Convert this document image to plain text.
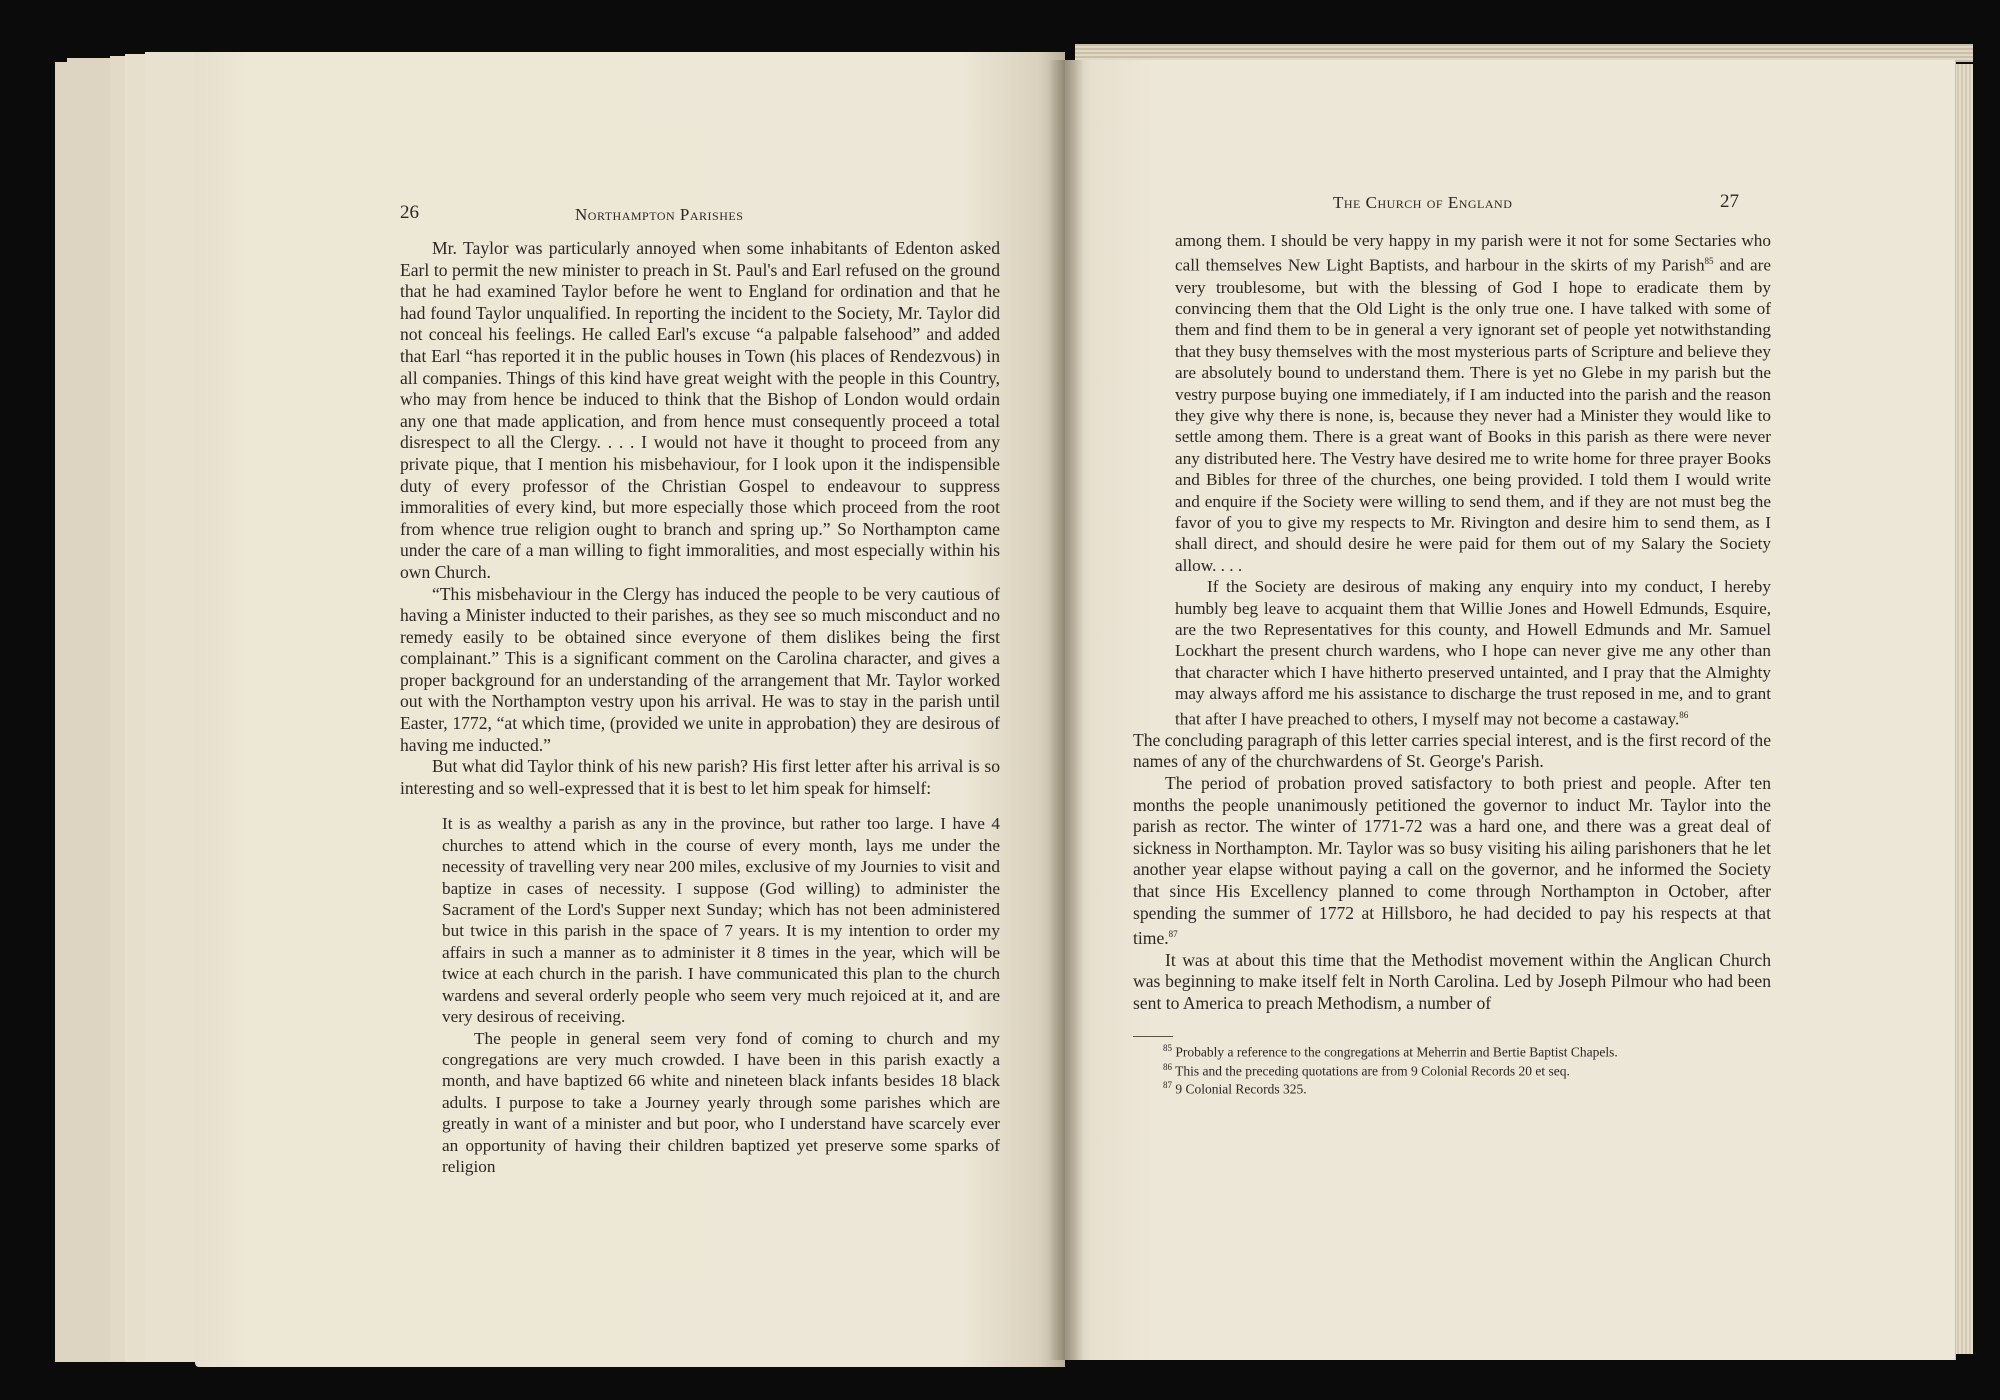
26	Northampton Parishes

Mr. Taylor was particularly annoyed when some inhabitants of Edenton asked Earl to permit the new minister to preach in St. Paul's and Earl refused on the ground that he had examined Taylor before he went to England for ordination and that he had found Taylor unqualified. In reporting the incident to the Society, Mr. Taylor did not conceal his feelings. He called Earl's excuse “a palpable falsehood” and added that Earl “has reported it in the public houses in Town (his places of Rendezvous) in all companies. Things of this kind have great weight with the people in this Country, who may from hence be induced to think that the Bishop of London would ordain any one that made application, and from hence must consequently proceed a total disrespect to all the Clergy. . . . I would not have it thought to proceed from any private pique, that I mention his misbehaviour, for I look upon it the indispensible duty of every professor of the Christian Gospel to endeavour to suppress immoralities of every kind, but more especially those which proceed from the root from whence true religion ought to branch and spring up.” So Northampton came under the care of a man willing to fight immoralities, and most especially within his own Church.

“This misbehaviour in the Clergy has induced the people to be very cautious of having a Minister inducted to their parishes, as they see so much misconduct and no remedy easily to be obtained since everyone of them dislikes being the first complainant.” This is a significant comment on the Carolina character, and gives a proper background for an understanding of the arrangement that Mr. Taylor worked out with the Northampton vestry upon his arrival. He was to stay in the parish until Easter, 1772, “at which time, (provided we unite in approbation) they are desirous of having me inducted.”

But what did Taylor think of his new parish? His first letter after his arrival is so interesting and so well-expressed that it is best to let him speak for himself:

It is as wealthy a parish as any in the province, but rather too large. I have 4 churches to attend which in the course of every month, lays me under the necessity of travelling very near 200 miles, exclusive of my Journies to visit and baptize in cases of necessity. I suppose (God willing) to administer the Sacrament of the Lord's Supper next Sunday; which has not been administered but twice in this parish in the space of 7 years. It is my intention to order my affairs in such a manner as to administer it 8 times in the year, which will be twice at each church in the parish. I have communicated this plan to the church wardens and several orderly people who seem very much rejoiced at it, and are very desirous of receiving.

The people in general seem very fond of coming to church and my congregations are very much crowded. I have been in this parish exactly a month, and have baptized 66 white and nineteen black infants besides 18 black adults. I purpose to take a Journey yearly through some parishes which are greatly in want of a minister and but poor, who I understand have scarcely ever an opportunity of having their children baptized yet preserve some sparks of religion

The Church of England	27

among them. I should be very happy in my parish were it not for some Sectaries who call themselves New Light Baptists, and harbour in the skirts of my Parish$^{85}$ and are very troublesome, but with the blessing of God I hope to eradicate them by convincing them that the Old Light is the only true one. I have talked with some of them and find them to be in general a very ignorant set of people yet notwithstanding that they busy themselves with the most mysterious parts of Scripture and believe they are absolutely bound to understand them. There is yet no Glebe in my parish but the vestry purpose buying one immediately, if I am inducted into the parish and the reason they give why there is none, is, because they never had a Minister they would like to settle among them. There is a great want of Books in this parish as there were never any distributed here. The Vestry have desired me to write home for three prayer Books and Bibles for three of the churches, one being provided. I told them I would write and enquire if the Society were willing to send them, and if they are not must beg the favor of you to give my respects to Mr. Rivington and desire him to send them, as I shall direct, and should desire he were paid for them out of my Salary the Society allow. . . .

If the Society are desirous of making any enquiry into my conduct, I hereby humbly beg leave to acquaint them that Willie Jones and Howell Edmunds, Esquire, are the two Representatives for this county, and Howell Edmunds and Mr. Samuel Lockhart the present church wardens, who I hope can never give me any other than that character which I have hitherto preserved untainted, and I pray that the Almighty may always afford me his assistance to discharge the trust reposed in me, and to grant that after I have preached to others, I myself may not become a castaway.$^{86}$

The concluding paragraph of this letter carries special interest, and is the first record of the names of any of the churchwardens of St. George's Parish.

The period of probation proved satisfactory to both priest and people. After ten months the people unanimously petitioned the governor to induct Mr. Taylor into the parish as rector. The winter of 1771-72 was a hard one, and there was a great deal of sickness in Northampton. Mr. Taylor was so busy visiting his ailing parishoners that he let another year elapse without paying a call on the governor, and he informed the Society that since His Excellency planned to come through Northampton in October, after spending the summer of 1772 at Hillsboro, he had decided to pay his respects at that time.$^{87}$

It was at about this time that the Methodist movement within the Anglican Church was beginning to make itself felt in North Carolina. Led by Joseph Pilmour who had been sent to America to preach Methodism, a number of

$^{85}$ Probably a reference to the congregations at Meherrin and Bertie Baptist Chapels.
$^{86}$ This and the preceding quotations are from 9 Colonial Records 20 et seq.
$^{87}$ 9 Colonial Records 325.
